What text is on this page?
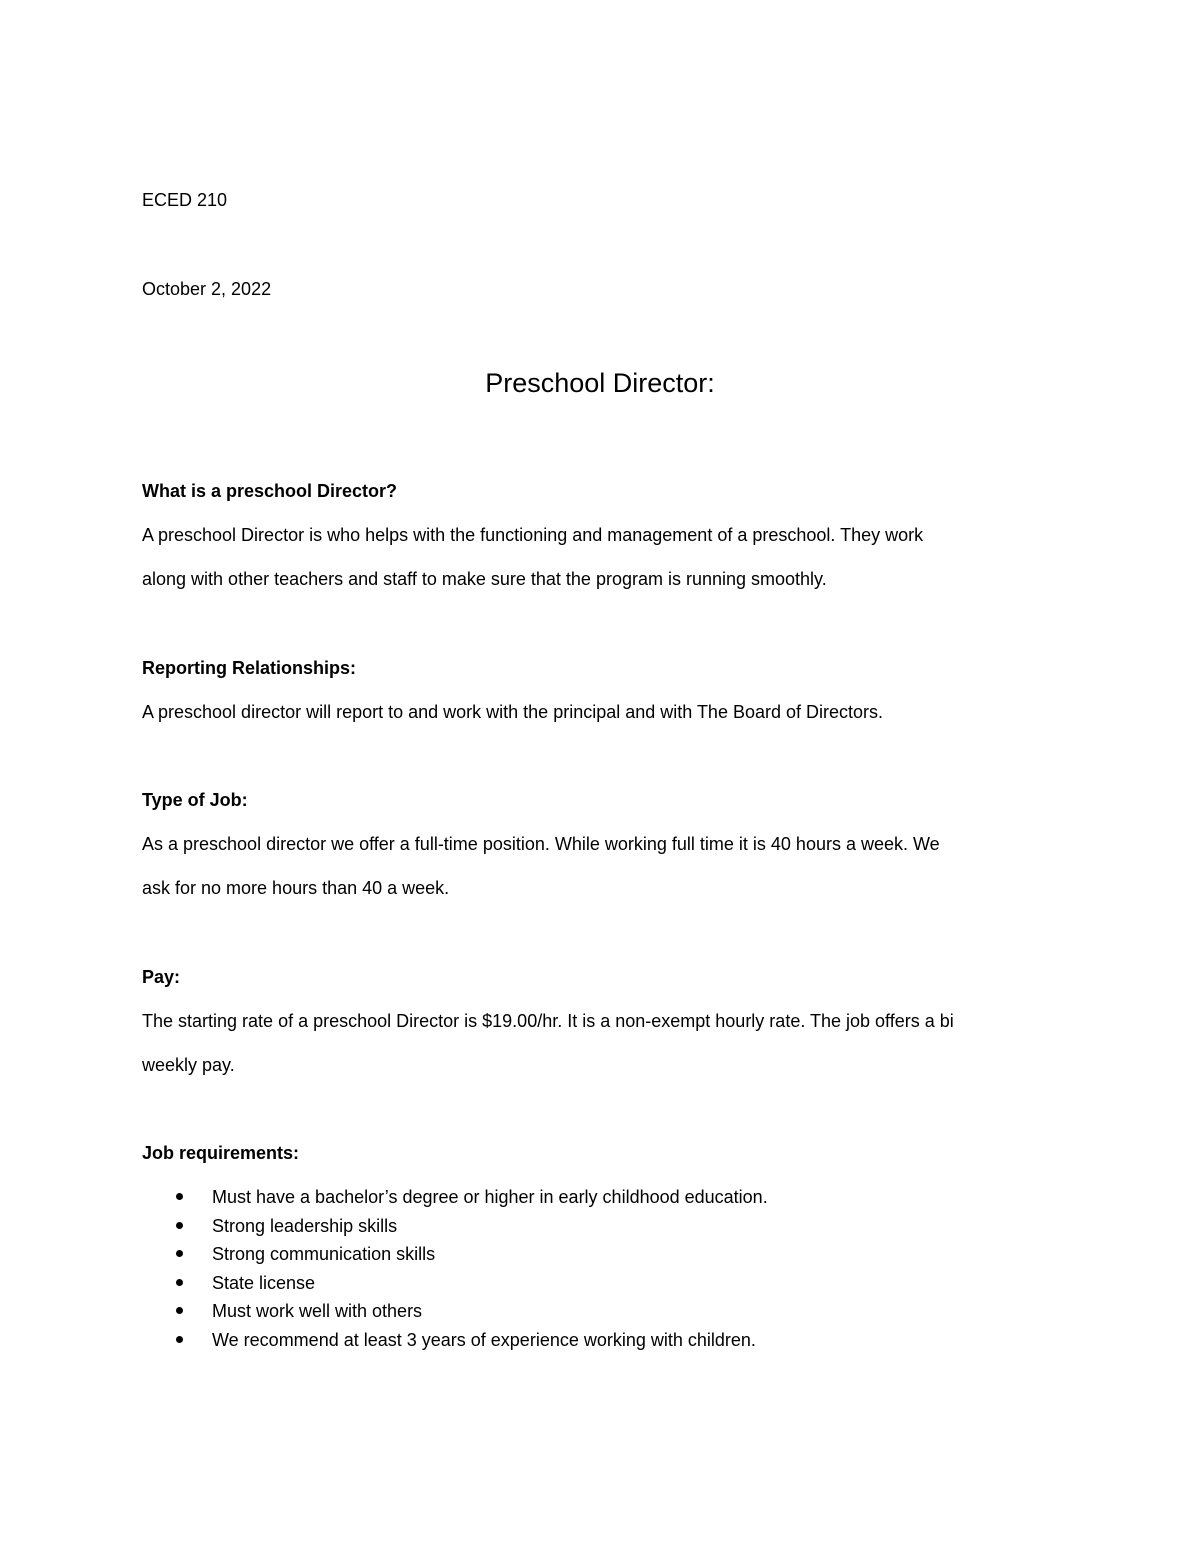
ECED 210

October 2, 2022

Preschool Director:

What is a preschool Director?

A preschool Director is who helps with the functioning and management of a preschool. They work

along with other teachers and staff to make sure that the program is running smoothly.

Reporting Relationships:

A preschool director will report to and work with the principal and with The Board of Directors.

Type of Job:

As a preschool director we offer a full-time position. While working full time it is 40 hours a week. We

ask for no more hours than 40 a week.

Pay:

The starting rate of a preschool Director is $19.00/hr. It is a non-exempt hourly rate. The job offers a bi

weekly pay.

Job requirements:

Must have a bachelor’s degree or higher in early childhood education.
Strong leadership skills
Strong communication skills
State license
Must work well with others
We recommend at least 3 years of experience working with children.
